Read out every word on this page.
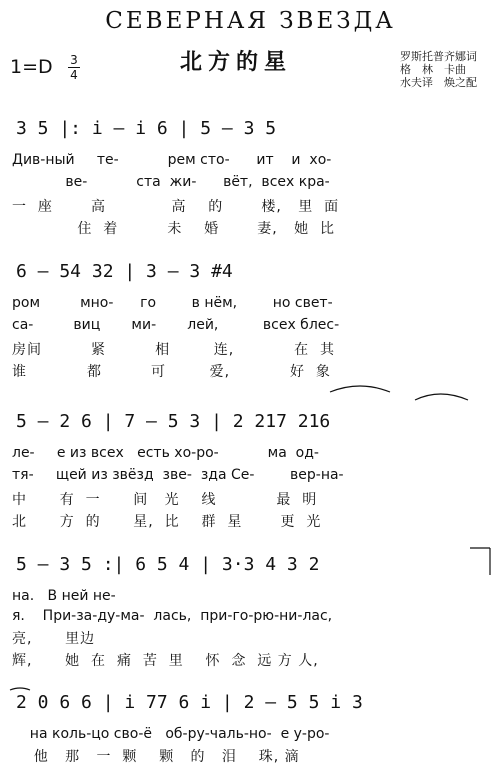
СЕВЕРНАЯ ЗВЕЗДА
1=D	3
4	北方的星	罗斯托普齐娜词
格　林　卡曲
水夫译　焕之配
3 5 |: i — i 6 | 5 — 3 5
Див-ный     те-           рем сто-      ит    и  хо-
ве-           ста  жи-      вёт,  всех кра-
一  座       高            高    的       楼,   里  面
住  着         未    婚       妻,   她  比
6 — 54 32 | 3 — 3 #4
ром         мно-      го        в нём,        но свет-
са-         виц       ми-       лей,          всех блес-
房间         紧         相        连,           在  其
谁           都         可        爱,           好  象
5 — 2 6 | 7 — 5 3 | 2 217 216
ле-     е из всех   есть хо-ро-           ма  од-
тя-     щей из звёзд  зве-  зда Се-        вер-на-
中      有  一      间   光    线           最  明
北      方  的      星,  比    群  星       更  光
5 — 3 5 :| 6 5 4 | 3·3 4 3 2
на.   В ней не-
я.    При-за-ду-ма-  лась,  при-го-рю-ни-лас,
亮,      里边
辉,      她  在  痛  苦  里    怀  念  远 方 人,
2 0 6 6 | i 77 6 i | 2 — 5 5 i 3
на коль-цо сво-ё   об-ру-чаль-но-  е у-ро-
他   那   一  颗    颗   的   泪    珠, 滴
